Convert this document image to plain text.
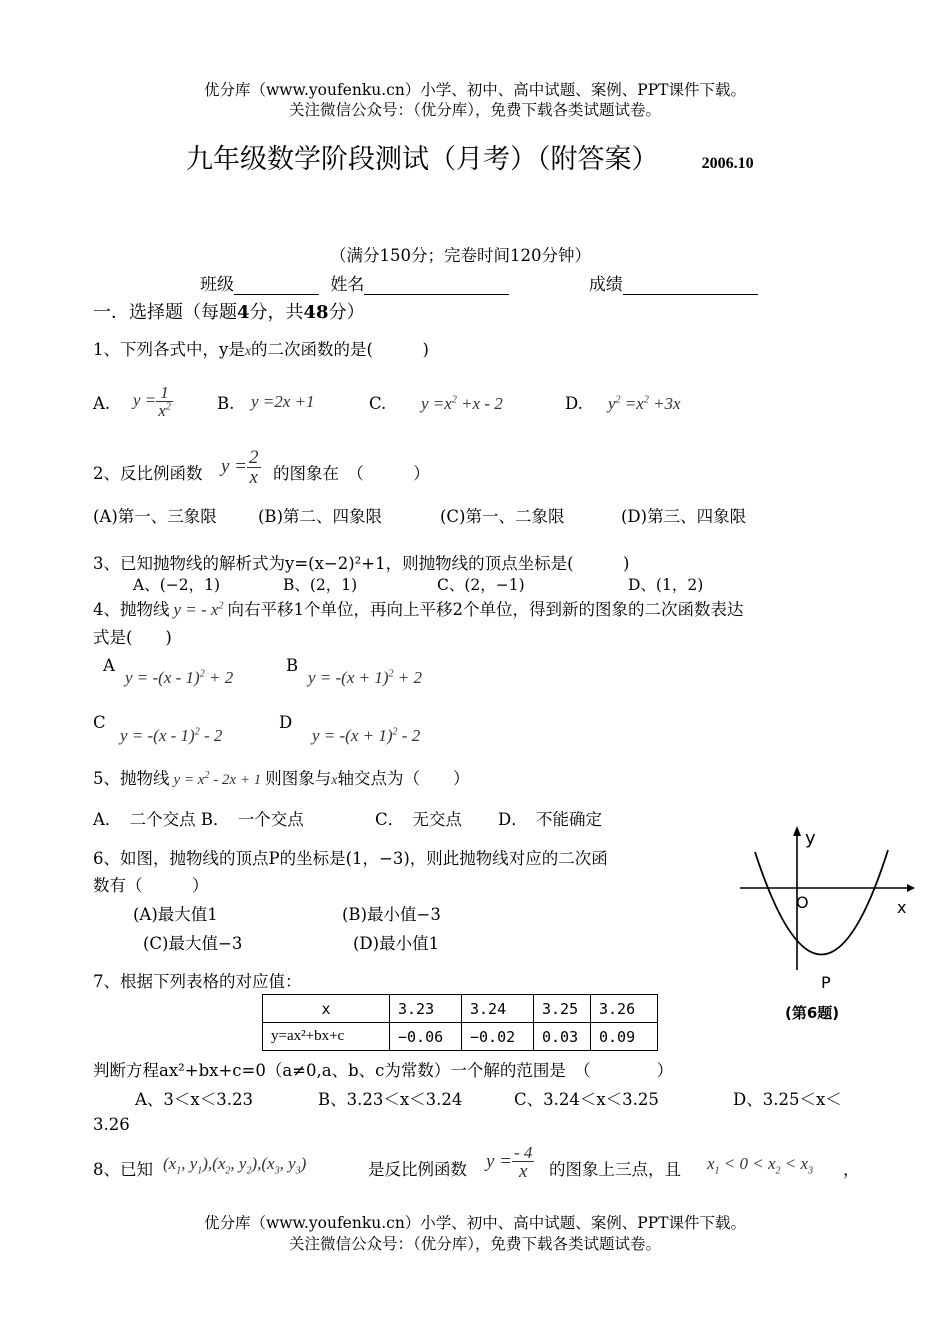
优分库（www.youfenku.cn）小学、初中、高中试题、案例、PPT课件下载。
关注微信公众号：（优分库），免费下载各类试题试卷。
九年级数学阶段测试（月考）（附答案）	2006.10
（满分150分；完卷时间120分钟）
班级	姓名	成绩
一．选择题（每题4分，共48分）
1、下列各式中，y是x的二次函数的是(　　　)
A. $y = \frac{1}{x^2}$	B. y =2x +1	C. $y =x^2 +x - 2$	D. $y^2 =x^2 +3x$
2、反比例函数 $y = \frac{2}{x}$ 的图象在　（　　　）
(A)第一、三象限 (B)第二、四象限	(C)第一、二象限	(D)第三、四象限
3、已知抛物线的解析式为y=(x−2)²+1，则抛物线的顶点坐标是(　　　)
A、(−2，1)	B、(2，1)	C、(2，−1)	D、(1，2)
4、抛物线 y = - $x^2$ 向右平移1个单位，再向上平移2个单位，得到新的图象的二次函数表达
式是(　　)
A
y = -(x - 1)$^2$ + 2
B
$y = -(x + 1)^2 + 2$
C
y = -(x - 1)$^2$ - 2
D
$y = -(x + 1)^2 - 2$
5、抛物线 $y = x^2 - 2x + 1$ 则图象与x轴交点为（　　）
A．　二个交点 B．　一个交点	C．　无交点 D．　不能确定
6、如图，抛物线的顶点P的坐标是(1，−3)，则此抛物线对应的二次函
数有（　　　）
(A)最大值1	(B)最小值−3
(C)最大值−3	(D)最小值1
y
x
O
P
(第6题)
7、根据下列表格的对应值：
x	3.23	3.24	3.25	3.26
y=ax²+bx+c	−0.06	−0.02	0.03	0.09
判断方程ax²+bx+c=0（a≠0,a、b、c为常数）一个解的范围是　（　　　　）
A、3＜x＜3.23	B、3.23＜x＜3.24	C、3.24＜x＜3.25	D、3.25＜x＜
3.26
8、已知 ($x_1$, $y_1),(x_2$, $y_2),(x_3$, $y_3$)	是反比例函数 $y = \frac{- 4}{x}$ 的图象上三点，且 $x_1 < 0 < x_2 < x_3$ ，
优分库（www.youfenku.cn）小学、初中、高中试题、案例、PPT课件下载。
关注微信公众号：（优分库），免费下载各类试题试卷。
